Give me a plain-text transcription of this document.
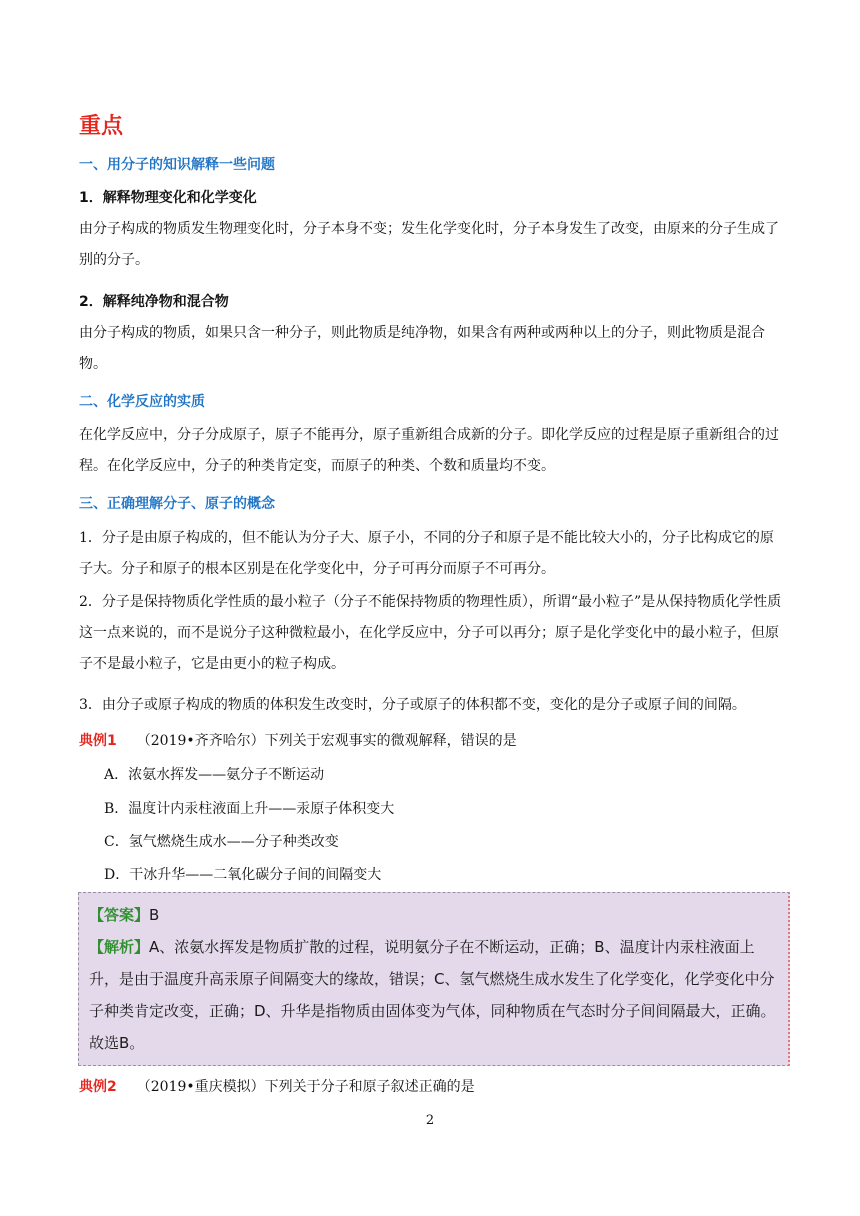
重点
一、用分子的知识解释一些问题
1．解释物理变化和化学变化

由分子构成的物质发生物理变化时，分子本身不变；发生化学变化时，分子本身发生了改变，由原来的分子生成了别的分子。

2．解释纯净物和混合物

由分子构成的物质，如果只含一种分子，则此物质是纯净物，如果含有两种或两种以上的分子，则此物质是混合物。

二、化学反应的实质

在化学反应中，分子分成原子，原子不能再分，原子重新组合成新的分子。即化学反应的过程是原子重新组合的过程。在化学反应中，分子的种类肯定变，而原子的种类、个数和质量均不变。

三、正确理解分子、原子的概念

1．分子是由原子构成的，但不能认为分子大、原子小，不同的分子和原子是不能比较大小的，分子比构成它的原子大。分子和原子的根本区别是在化学变化中，分子可再分而原子不可再分。

2．分子是保持物质化学性质的最小粒子（分子不能保持物质的物理性质），所谓“最小粒子”是从保持物质化学性质这一点来说的，而不是说分子这种微粒最小，在化学反应中，分子可以再分；原子是化学变化中的最小粒子，但原子不是最小粒子，它是由更小的粒子构成。

3．由分子或原子构成的物质的体积发生改变时，分子或原子的体积都不变，变化的是分子或原子间的间隔。

典例1 （2019•齐齐哈尔）下列关于宏观事实的微观解释，错误的是
A．浓氨水挥发——氨分子不断运动
B．温度计内汞柱液面上升——汞原子体积变大
C．氢气燃烧生成水——分子种类改变
D．干冰升华——二氧化碳分子间的间隔变大
【答案】B
【解析】A、浓氨水挥发是物质扩散的过程，说明氨分子在不断运动，正确；B、温度计内汞柱液面上升，是由于温度升高汞原子间隔变大的缘故，错误；C、氢气燃烧生成水发生了化学变化，化学变化中分子种类肯定改变，正确；D、升华是指物质由固体变为气体，同种物质在气态时分子间间隔最大，正确。故选B。
典例2 （2019•重庆模拟）下列关于分子和原子叙述正确的是
2
